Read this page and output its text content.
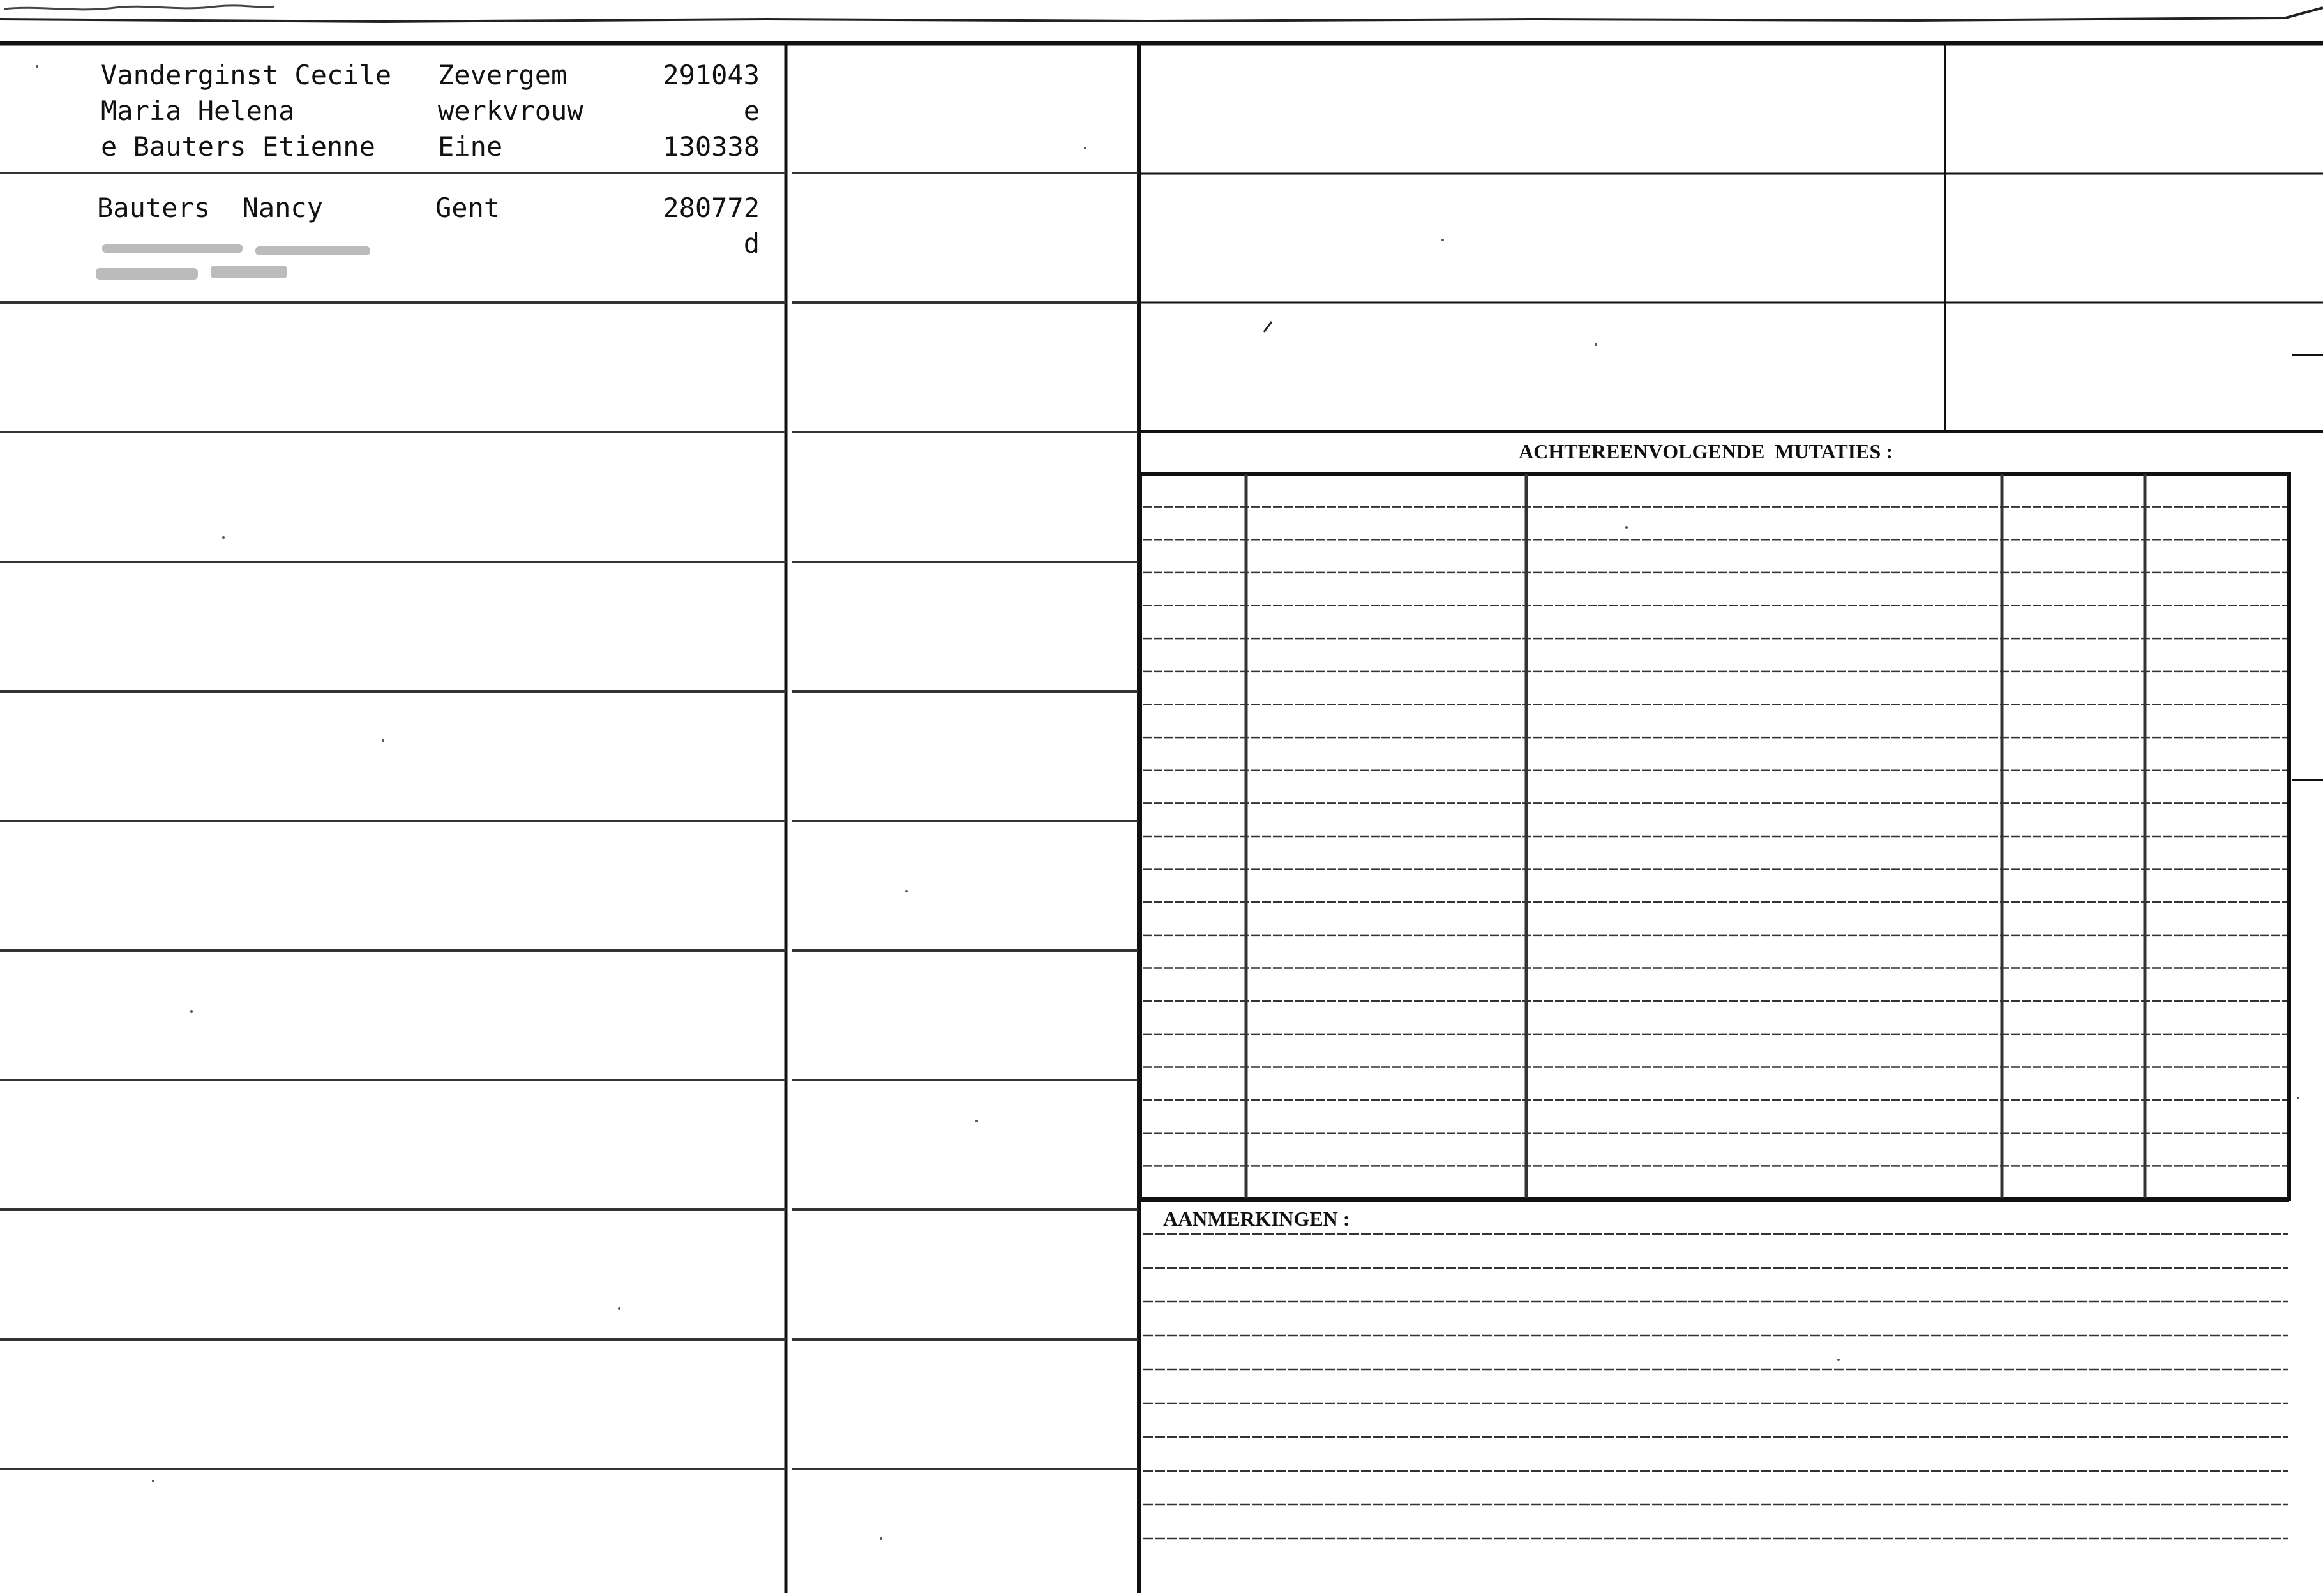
Vanderginst Cecile
Maria Helena
e Bauters Etienne
Zevergem
werkvrouw
Eine
291043
e
130338
Bauters  Nancy	Gent	280772
d
ACHTEREENVOLGENDE  MUTATIES :
AANMERKINGEN :
